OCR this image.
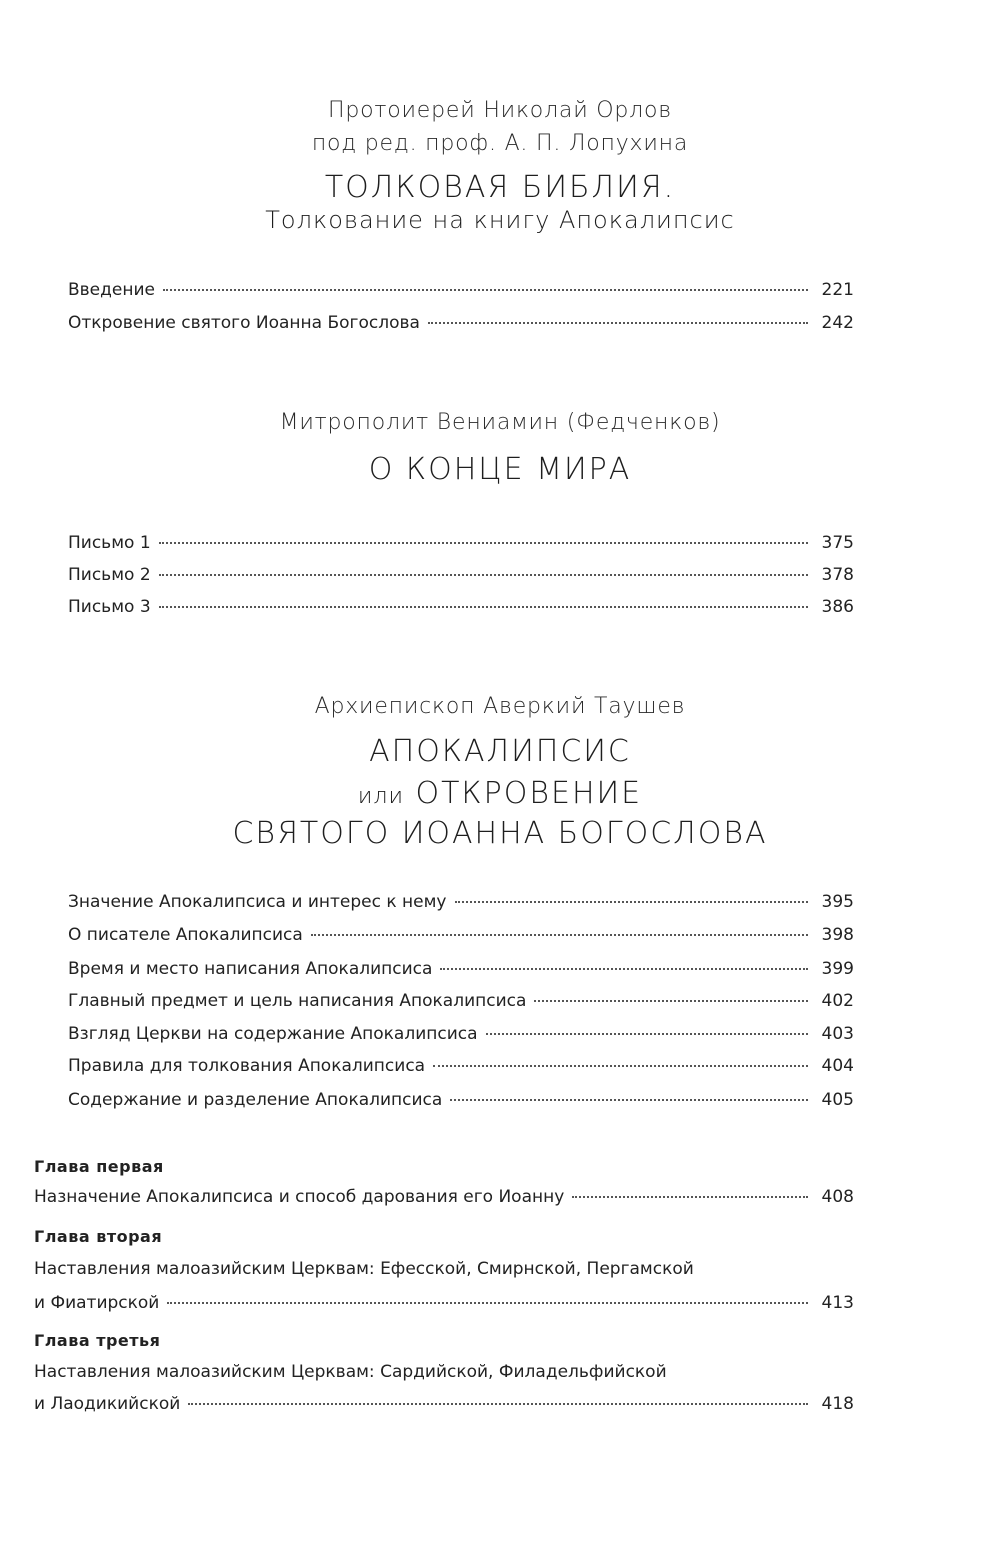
Протоиерей Николай Орлов
под ред. проф. А. П. Лопухина
ТОЛКОВАЯ БИБЛИЯ.
Толкование на книгу Апокалипсис
Введение	221
Откровение святого Иоанна Богослова	242
Митрополит Вениамин (Федченков)
О КОНЦЕ МИРА
Письмо 1	375
Письмо 2	378
Письмо 3	386
Архиепископ Аверкий Таушев
АПОКАЛИПСИС
или ОТКРОВЕНИЕ
СВЯТОГО ИОАННА БОГОСЛОВА
Значение Апокалипсиса и интерес к нему	395
О писателе Апокалипсиса	398
Время и место написания Апокалипсиса	399
Главный предмет и цель написания Апокалипсиса	402
Взгляд Церкви на содержание Апокалипсиса	403
Правила для толкования Апокалипсиса	404
Содержание и разделение Апокалипсиса	405
Глава первая
Назначение Апокалипсиса и способ дарования его Иоанну	408
Глава вторая
Наставления малоазийским Церквам: Ефесской, Смирнской, Пергамской
и Фиатирской	413
Глава третья
Наставления малоазийским Церквам: Сардийской, Филадельфийской
и Лаодикийской	418
